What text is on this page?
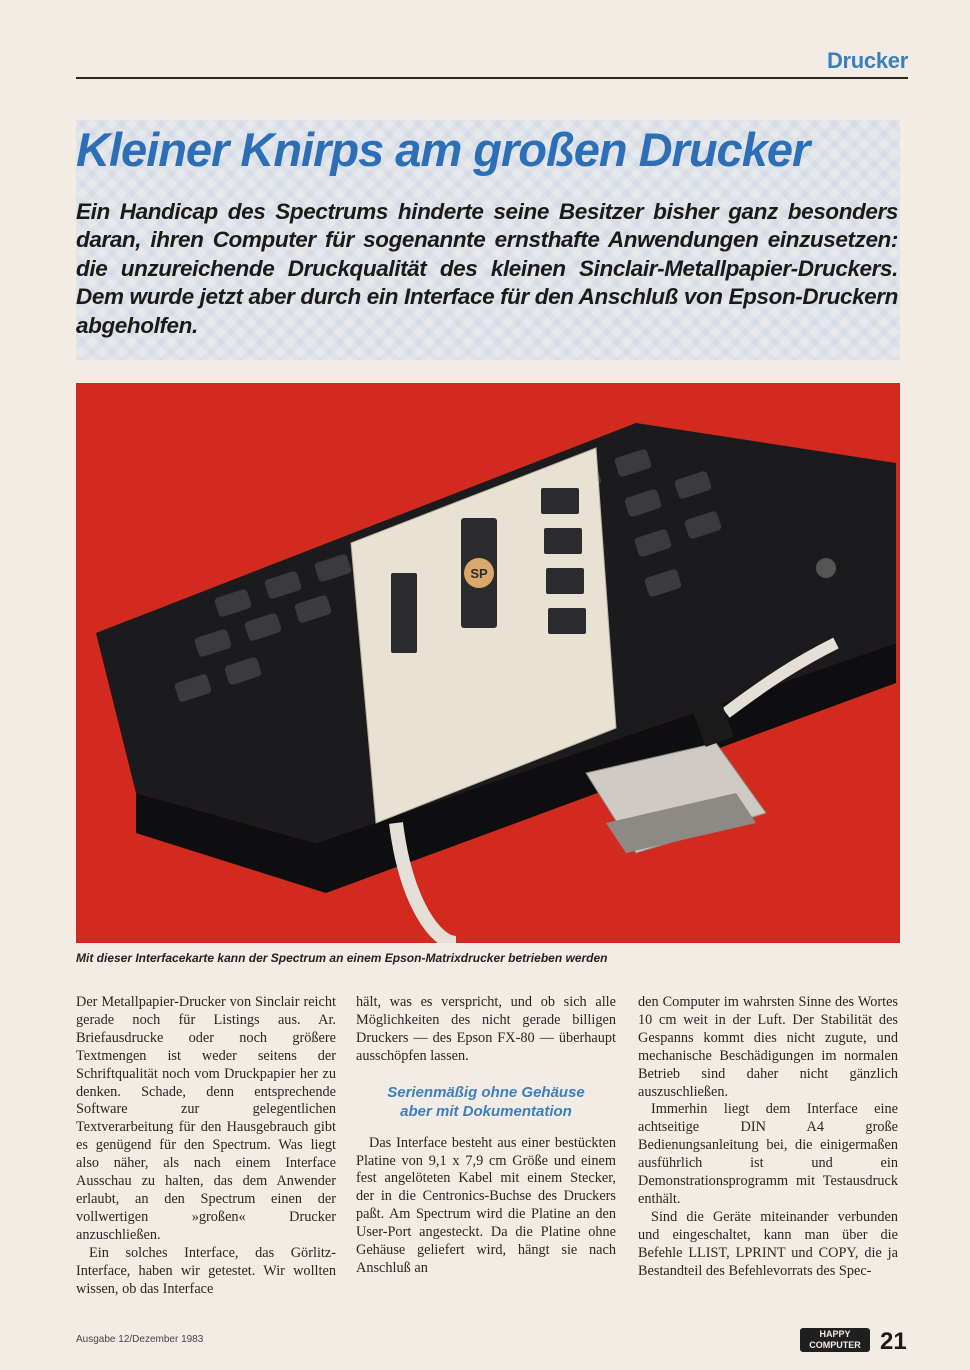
Drucker
Kleiner Knirps am großen Drucker
Ein Handicap des Spectrums hinderte seine Besitzer bisher ganz besonders daran, ihren Computer für sogenannte ernsthafte Anwendungen einzusetzen: die unzureichende Druckqualität des kleinen Sinclair-Metallpapier-Druckers. Dem wurde jetzt aber durch ein Interface für den Anschluß von Epson-Druckern abgeholfen.
SP
Mit dieser Interfacekarte kann der Spectrum an einem Epson-Matrixdrucker betrieben werden

Der Metallpapier-Drucker von Sinclair reicht gerade noch für Listings aus. Ar. Briefausdrucke oder noch größere Textmengen ist weder seitens der Schriftqualität noch vom Druckpapier her zu denken. Schade, denn entsprechende Software zur gelegentlichen Textverarbeitung für den Hausgebrauch gibt es genügend für den Spectrum. Was liegt also näher, als nach einem Interface Ausschau zu halten, das dem Anwender erlaubt, an den Spectrum einen der vollwertigen »großen« Drucker anzuschließen.

Ein solches Interface, das Görlitz-Interface, haben wir getestet. Wir wollten wissen, ob das Interface

hält, was es verspricht, und ob sich alle Möglichkeiten des nicht gerade billigen Druckers — des Epson FX-80 — überhaupt ausschöpfen lassen.

Serienmäßig ohne Gehäuse
aber mit Dokumentation

Das Interface besteht aus einer bestückten Platine von 9,1 x 7,9 cm Größe und einem fest angelöteten Kabel mit einem Stecker, der in die Centronics-Buchse des Druckers paßt. Am Spectrum wird die Platine an den User-Port angesteckt. Da die Platine ohne Gehäuse geliefert wird, hängt sie nach Anschluß an

den Computer im wahrsten Sinne des Wortes 10 cm weit in der Luft. Der Stabilität des Gespanns kommt dies nicht zugute, und mechanische Beschädigungen im normalen Betrieb sind daher nicht gänzlich auszuschließen.

Immerhin liegt dem Interface eine achtseitige DIN A4 große Bedienungsanleitung bei, die einigermaßen ausführlich ist und ein Demonstrationsprogramm mit Testausdruck enthält.

Sind die Geräte miteinander verbunden und eingeschaltet, kann man über die Befehle LLIST, LPRINT und COPY, die ja Bestandteil des Befehlevorrats des Spec-

Ausgabe 12/Dezember 1983	HAPPY
COMPUTER 21
